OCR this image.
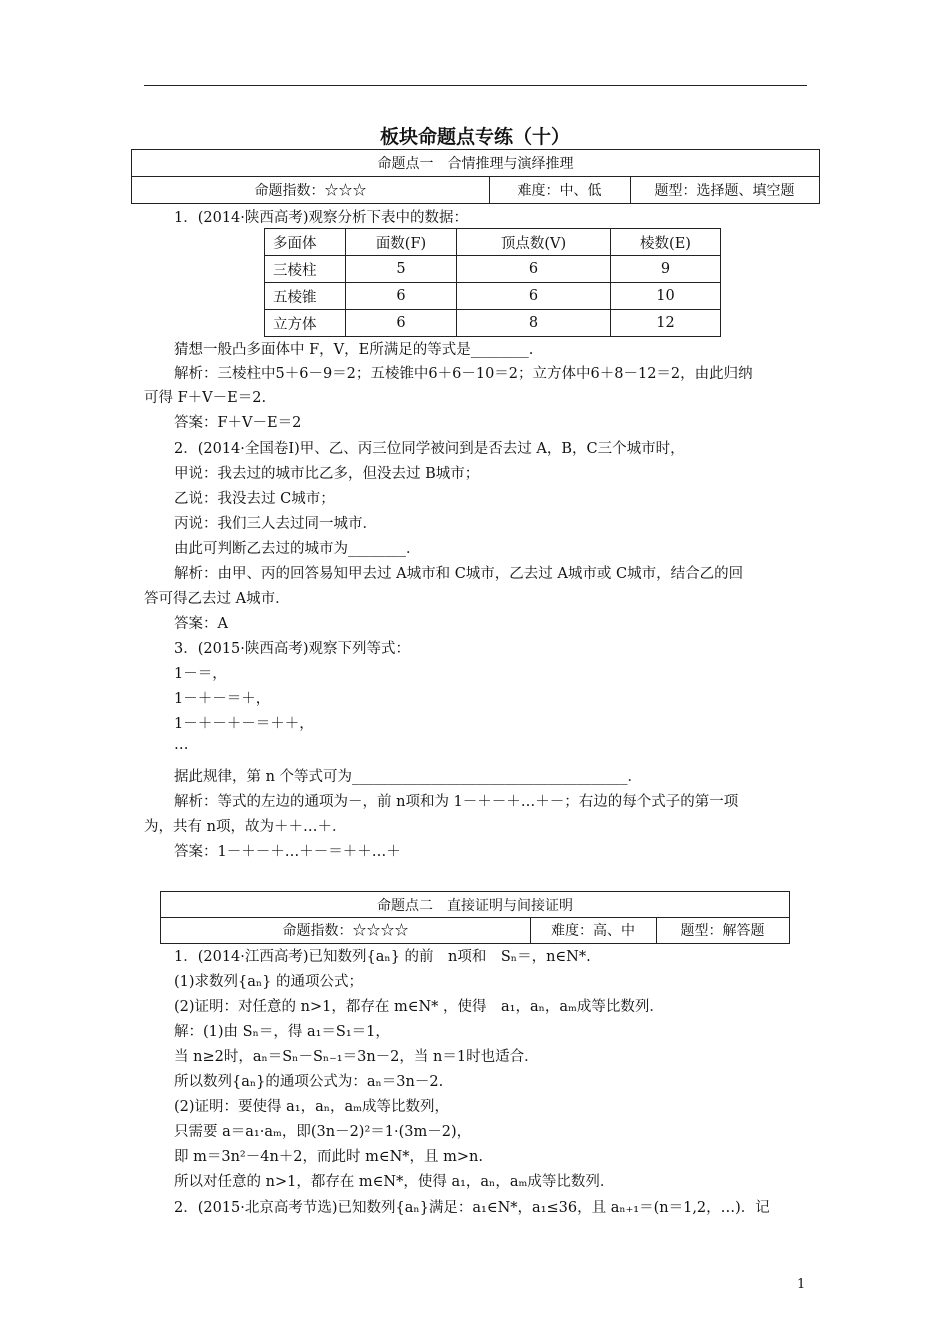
板块命题点专练（十）
命题点一　合情推理与演绎推理
命题指数：☆☆☆	难度：中、低	题型：选择题、填空题
1．(2014·陕西高考)观察分析下表中的数据：
多面体	面数(F)	顶点数(V)	棱数(E)
三棱柱	5	6	9
五棱锥	6	6	10
立方体	6	8	12
猜想一般凸多面体中 F，V，E所满足的等式是________.
解析：三棱柱中5＋6－9＝2；五棱锥中6＋6－10＝2；立方体中6＋8－12＝2，由此归纳
可得 F＋V－E＝2.
答案：F＋V－E＝2
2．(2014·全国卷Ⅰ)甲、乙、丙三位同学被问到是否去过 A，B，C三个城市时，
甲说：我去过的城市比乙多，但没去过 B城市；
乙说：我没去过 C城市；
丙说：我们三人去过同一城市．
由此可判断乙去过的城市为________．
解析：由甲、丙的回答易知甲去过 A城市和 C城市，乙去过 A城市或 C城市，结合乙的回
答可得乙去过 A城市．
答案：A
3．(2015·陕西高考)观察下列等式：
1－＝，
1－＋－＝＋，
1－＋－＋－＝＋＋，
…
据此规律，第 n 个等式可为______________________________________．
解析：等式的左边的通项为－，前 n项和为 1－＋－＋…＋－；右边的每个式子的第一项
为，共有 n项，故为＋＋…＋．
答案：1－＋－＋…＋－＝＋＋…＋
命题点二　直接证明与间接证明
命题指数：☆☆☆☆	难度：高、中	题型：解答题
1．(2014·江西高考)已知数列{aₙ} 的前　n项和　Sₙ＝，n∈N*.
(1)求数列{aₙ} 的通项公式；
(2)证明：对任意的 n>1，都存在 m∈N* ，使得　a₁，aₙ，aₘ成等比数列．
解：(1)由 Sₙ＝，得 a₁＝S₁＝1，
当 n≥2时，aₙ＝Sₙ－Sₙ₋₁＝3n－2，当 n＝1时也适合．
所以数列{aₙ}的通项公式为：aₙ＝3n－2.
(2)证明：要使得 a₁，aₙ，aₘ成等比数列，
只需要 a＝a₁·aₘ，即(3n－2)²＝1·(3m－2)，
即 m＝3n²－4n＋2，而此时 m∈N*，且 m>n.
所以对任意的 n>1，都存在 m∈N*，使得 a₁，aₙ，aₘ成等比数列．
2．(2015·北京高考节选)已知数列{aₙ}满足：a₁∈N*，a₁≤36，且 aₙ₊₁＝(n＝1,2，…)．记
1
